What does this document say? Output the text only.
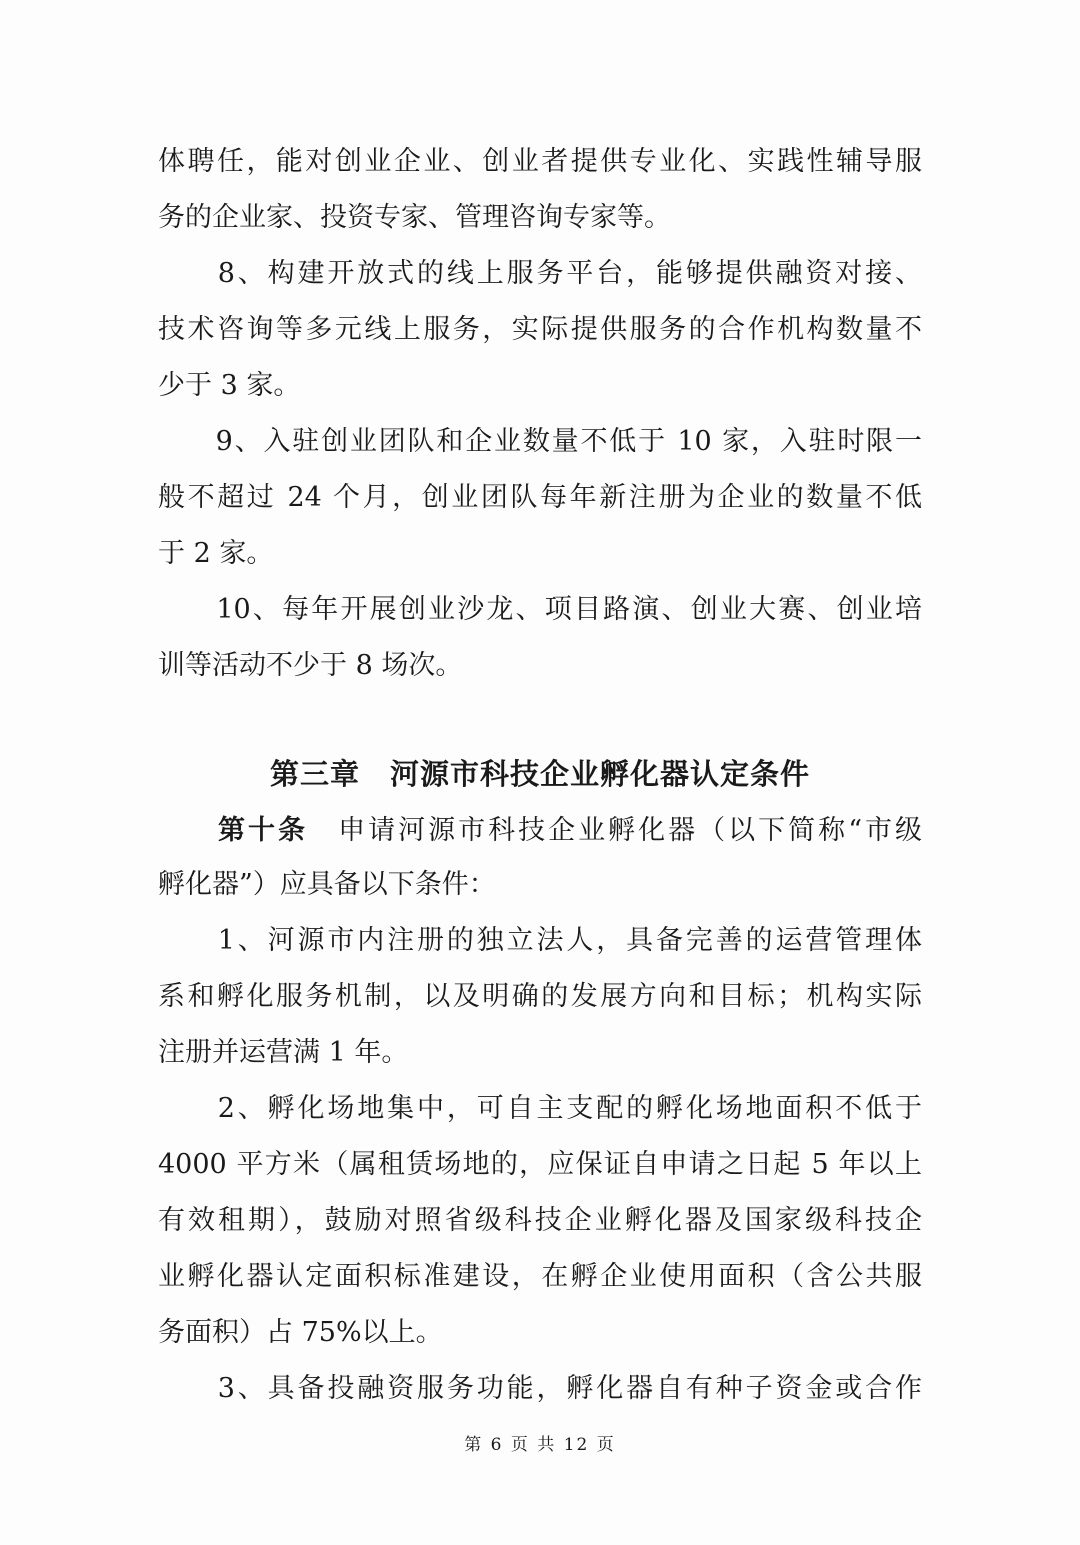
体聘任，能对创业企业、创业者提供专业化、实践性辅导服
务的企业家、投资专家、管理咨询专家等。
　　8、构建开放式的线上服务平台，能够提供融资对接、
技术咨询等多元线上服务，实际提供服务的合作机构数量不
少于 3 家。
　　9、入驻创业团队和企业数量不低于 10 家，入驻时限一
般不超过 24 个月，创业团队每年新注册为企业的数量不低
于 2 家。
　　10、每年开展创业沙龙、项目路演、创业大赛、创业培
训等活动不少于 8 场次。
第三章　河源市科技企业孵化器认定条件
　　第十条　 申请河源市科技企业孵化器（以下简称“市级
孵化器”）应具备以下条件：
　　1、河源市内注册的独立法人，具备完善的运营管理体
系和孵化服务机制，以及明确的发展方向和目标；机构实际
注册并运营满 1 年。
　　2、孵化场地集中，可自主支配的孵化场地面积不低于
4000 平方米（属租赁场地的，应保证自申请之日起 5 年以上
有效租期），鼓励对照省级科技企业孵化器及国家级科技企
业孵化器认定面积标准建设，在孵企业使用面积（含公共服
务面积）占 75%以上。
　　3、具备投融资服务功能，孵化器自有种子资金或合作
第 6 页 共 12 页
